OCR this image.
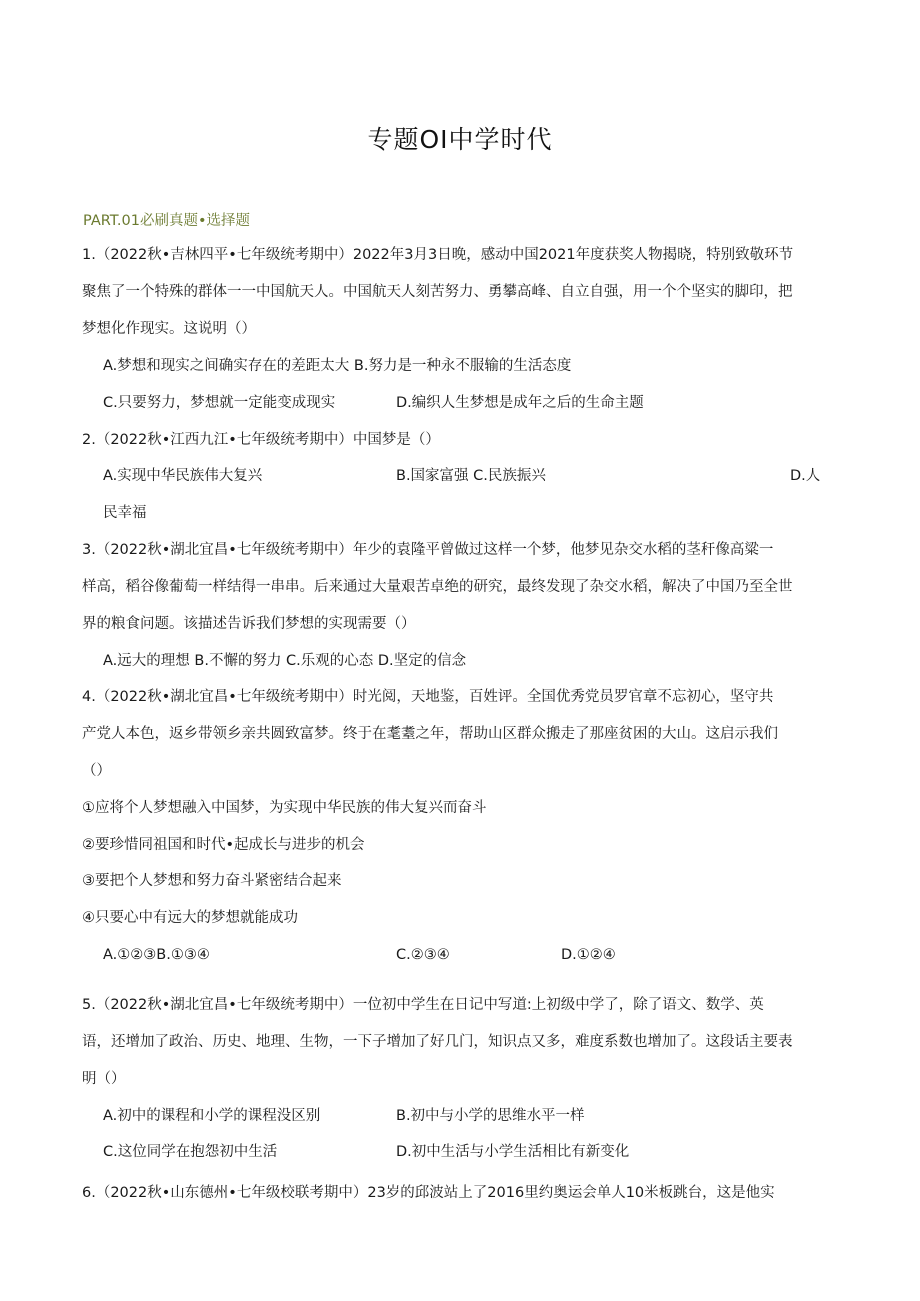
专题OI中学时代
PART.01必刷真题•选择题
1.（2022秋•吉林四平•七年级统考期中）2022年3月3日晚，感动中国2021年度获奖人物揭晓，特别致敬环节
聚焦了一个特殊的群体一一中国航天人。中国航天人刻苦努力、勇攀高峰、自立自强，用一个个坚实的脚印，把
梦想化作现实。这说明（）
A.梦想和现实之间确实存在的差距太大 B.努力是一种永不服输的生活态度
C.只要努力，梦想就一定能变成现实	D.编织人生梦想是成年之后的生命主题
2.（2022秋•江西九江•七年级统考期中）中国梦是（）
A.实现中华民族伟大复兴	B.国家富强 C.民族振兴	D.人
民幸福
3.（2022秋•湖北宜昌•七年级统考期中）年少的袁隆平曾做过这样一个梦，他梦见杂交水稻的茎秆像高粱一
样高，稻谷像葡萄一样结得一串串。后来通过大量艰苦卓绝的研究，最终发现了杂交水稻，解决了中国乃至全世
界的粮食问题。该描述告诉我们梦想的实现需要（）
A.远大的理想 B.不懈的努力 C.乐观的心态 D.坚定的信念
4.（2022秋•湖北宜昌•七年级统考期中）时光阅，天地鉴，百姓评。全国优秀党员罗官章不忘初心，坚守共
产党人本色，返乡带领乡亲共圆致富梦。终于在耄耋之年，帮助山区群众搬走了那座贫困的大山。这启示我们
（）
①应将个人梦想融入中国梦，为实现中华民族的伟大复兴而奋斗
②要珍惜同祖国和时代•起成长与进步的机会
③要把个人梦想和努力奋斗紧密结合起来
④只要心中有远大的梦想就能成功
A.①②③B.①③④	C.②③④	D.①②④
5.（2022秋•湖北宜昌•七年级统考期中）一位初中学生在日记中写道:上初级中学了，除了语文、数学、英
语，还增加了政治、历史、地理、生物，一下子增加了好几门，知识点又多，难度系数也增加了。这段话主要表
明（）
A.初中的课程和小学的课程没区别	B.初中与小学的思维水平一样
C.这位同学在抱怨初中生活	D.初中生活与小学生活相比有新变化
6.（2022秋•山东德州•七年级校联考期中）23岁的邱波站上了2016里约奥运会单人10米板跳台，这是他实
